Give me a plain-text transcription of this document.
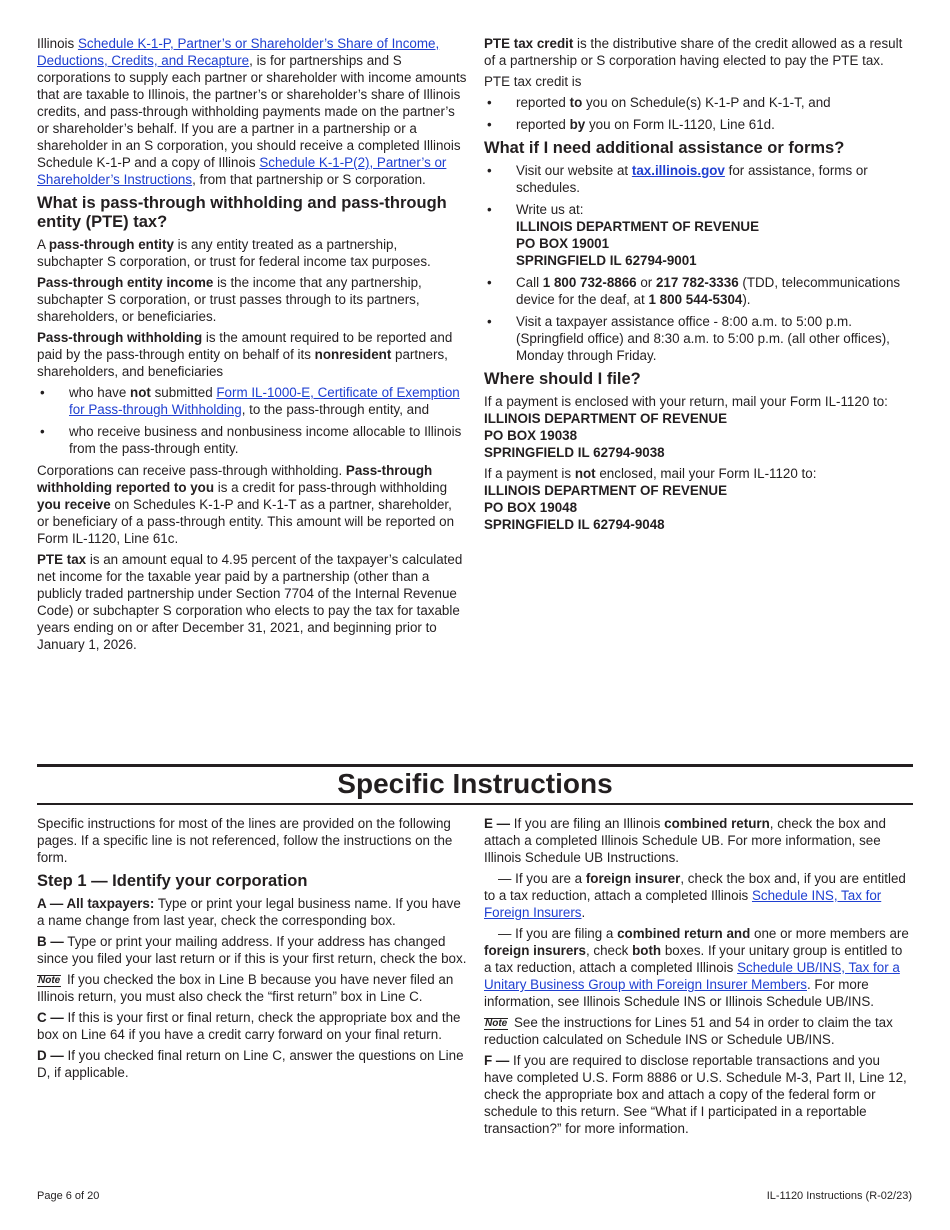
Illinois Schedule K-1-P, Partner’s or Shareholder’s Share of Income, Deductions, Credits, and Recapture, is for partnerships and S corporations to supply each partner or shareholder with income amounts that are taxable to Illinois, the partner’s or shareholder’s share of Illinois credits, and pass-through withholding payments made on the partner’s or shareholder’s behalf. If you are a partner in a partnership or a shareholder in an S corporation, you should receive a completed Illinois Schedule K-1-P and a copy of Illinois Schedule K-1-P(2), Partner’s or Shareholder’s Instructions, from that partnership or S corporation.

What is pass-through withholding and pass-through entity (PTE) tax?

A pass-through entity is any entity treated as a partnership, subchapter S corporation, or trust for federal income tax purposes.

Pass-through entity income is the income that any partnership, subchapter S corporation, or trust passes through to its partners, shareholders, or beneficiaries.

Pass-through withholding is the amount required to be reported and paid by the pass-through entity on behalf of its nonresident partners, shareholders, and beneficiaries

• who have not submitted Form IL-1000-E, Certificate of Exemption for Pass-through Withholding, to the pass-through entity, and
• who receive business and nonbusiness income allocable to Illinois from the pass-through entity.

Corporations can receive pass-through withholding. Pass-through withholding reported to you is a credit for pass-through withholding you receive on Schedules K-1-P and K-1-T as a partner, shareholder, or beneficiary of a pass-through entity. This amount will be reported on Form IL-1120, Line 61c.

PTE tax is an amount equal to 4.95 percent of the taxpayer’s calculated net income for the taxable year paid by a partnership (other than a publicly traded partnership under Section 7704 of the Internal Revenue Code) or subchapter S corporation who elects to pay the tax for taxable years ending on or after December 31, 2021, and beginning prior to January 1, 2026.

PTE tax credit is the distributive share of the credit allowed as a result of a partnership or S corporation having elected to pay the PTE tax.

PTE tax credit is

• reported to you on Schedule(s) K-1-P and K-1-T, and
• reported by you on Form IL-1120, Line 61d.
What if I need additional assistance or forms?
• Visit our website at tax.illinois.gov for assistance, forms or schedules.
• Write us at:
ILLINOIS DEPARTMENT OF REVENUE
PO BOX 19001
SPRINGFIELD IL 62794-9001
• Call 1 800 732-8866 or 217 782-3336 (TDD, telecommunications device for the deaf, at 1 800 544-5304).
• Visit a taxpayer assistance office - 8:00 a.m. to 5:00 p.m. (Springfield office) and 8:30 a.m. to 5:00 p.m. (all other offices), Monday through Friday.
Where should I file?

If a payment is enclosed with your return, mail your Form IL-1120 to:
ILLINOIS DEPARTMENT OF REVENUE
PO BOX 19038
SPRINGFIELD IL 62794-9038

If a payment is not enclosed, mail your Form IL-1120 to:
ILLINOIS DEPARTMENT OF REVENUE
PO BOX 19048
SPRINGFIELD IL 62794-9048

Specific Instructions

Specific instructions for most of the lines are provided on the following pages. If a specific line is not referenced, follow the instructions on the form.

Step 1 — Identify your corporation

A — All taxpayers: Type or print your legal business name. If you have a name change from last year, check the corresponding box.

B — Type or print your mailing address. If your address has changed since you filed your last return or if this is your first return, check the box.

Note If you checked the box in Line B because you have never filed an Illinois return, you must also check the “first return” box in Line C.

C — If this is your first or final return, check the appropriate box and the box on Line 64 if you have a credit carry forward on your final return.

D — If you checked final return on Line C, answer the questions on Line D, if applicable.

E — If you are filing an Illinois combined return, check the box and attach a completed Illinois Schedule UB. For more information, see Illinois Schedule UB Instructions.

— If you are a foreign insurer, check the box and, if you are entitled to a tax reduction, attach a completed Illinois Schedule INS, Tax for Foreign Insurers.

— If you are filing a combined return and one or more members are foreign insurers, check both boxes. If your unitary group is entitled to a tax reduction, attach a completed Illinois Schedule UB/INS, Tax for a Unitary Business Group with Foreign Insurer Members. For more information, see Illinois Schedule INS or Illinois Schedule UB/INS.

Note See the instructions for Lines 51 and 54 in order to claim the tax reduction calculated on Schedule INS or Schedule UB/INS.

F — If you are required to disclose reportable transactions and you have completed U.S. Form 8886 or U.S. Schedule M-3, Part II, Line 12, check the appropriate box and attach a copy of the federal form or schedule to this return. See “What if I participated in a reportable transaction?” for more information.

Page 6 of 20	IL-1120 Instructions (R-02/23)
